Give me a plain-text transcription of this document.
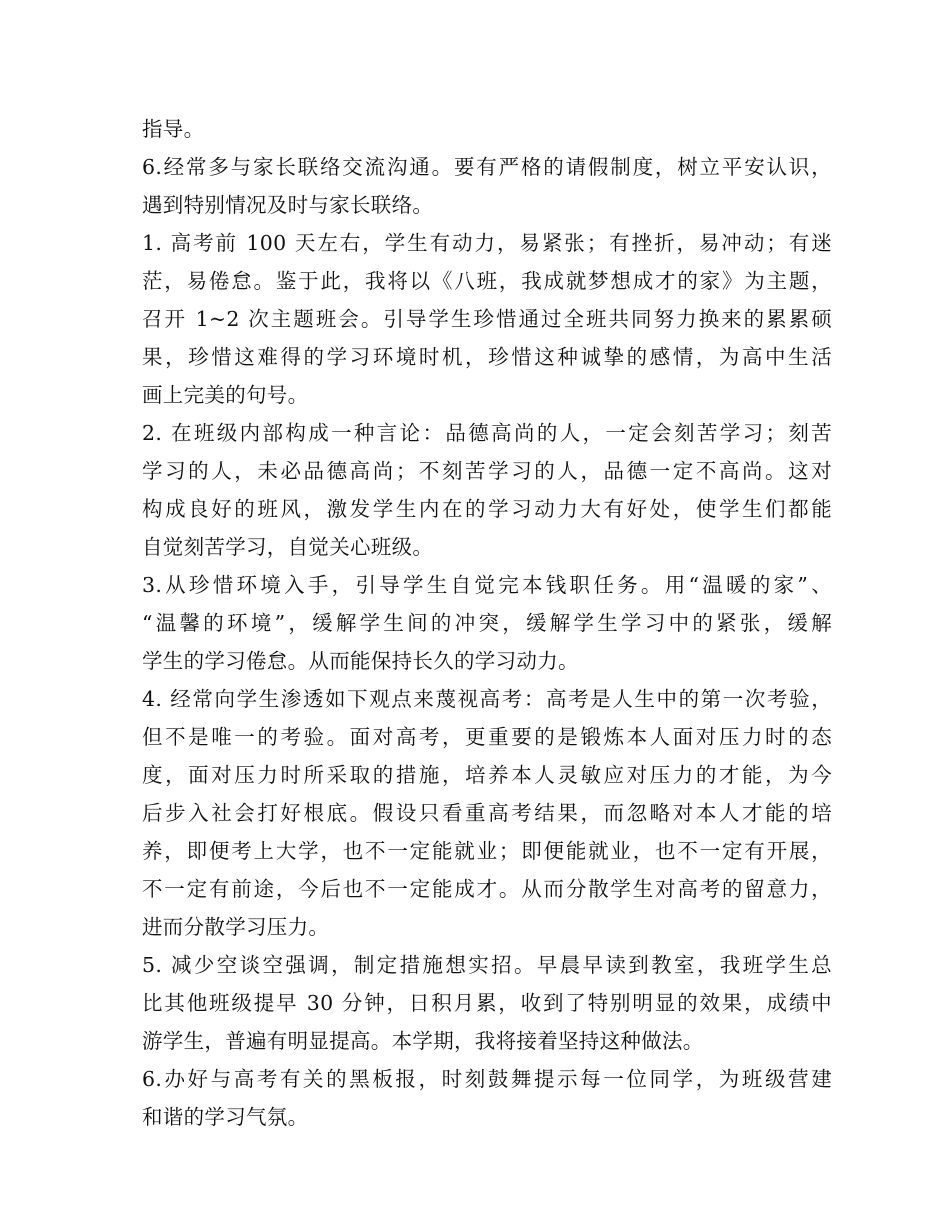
指导。
6.经常多与家长联络交流沟通。要有严格的请假制度，树立平安认识，
遇到特别情况及时与家长联络。
1. 高考前 100 天左右，学生有动力，易紧张；有挫折，易冲动；有迷
茫，易倦怠。鉴于此，我将以《八班，我成就梦想成才的家》为主题，
召开 1~2 次主题班会。引导学生珍惜通过全班共同努力换来的累累硕
果，珍惜这难得的学习环境时机，珍惜这种诚挚的感情，为高中生活
画上完美的句号。
2. 在班级内部构成一种言论：品德高尚的人，一定会刻苦学习；刻苦
学习的人，未必品德高尚；不刻苦学习的人，品德一定不高尚。这对
构成良好的班风，激发学生内在的学习动力大有好处，使学生们都能
自觉刻苦学习，自觉关心班级。
3.从珍惜环境入手，引导学生自觉完本钱职任务。用“温暖的家”、
“温馨的环境”，缓解学生间的冲突，缓解学生学习中的紧张，缓解
学生的学习倦怠。从而能保持长久的学习动力。
4. 经常向学生渗透如下观点来蔑视高考：高考是人生中的第一次考验，
但不是唯一的考验。面对高考，更重要的是锻炼本人面对压力时的态
度，面对压力时所采取的措施，培养本人灵敏应对压力的才能，为今
后步入社会打好根底。假设只看重高考结果，而忽略对本人才能的培
养，即便考上大学，也不一定能就业；即便能就业，也不一定有开展，
不一定有前途，今后也不一定能成才。从而分散学生对高考的留意力，
进而分散学习压力。
5. 减少空谈空强调，制定措施想实招。早晨早读到教室，我班学生总
比其他班级提早 30 分钟，日积月累，收到了特别明显的效果，成绩中
游学生，普遍有明显提高。本学期，我将接着坚持这种做法。
6.办好与高考有关的黑板报，时刻鼓舞提示每一位同学，为班级营建
和谐的学习气氛。
